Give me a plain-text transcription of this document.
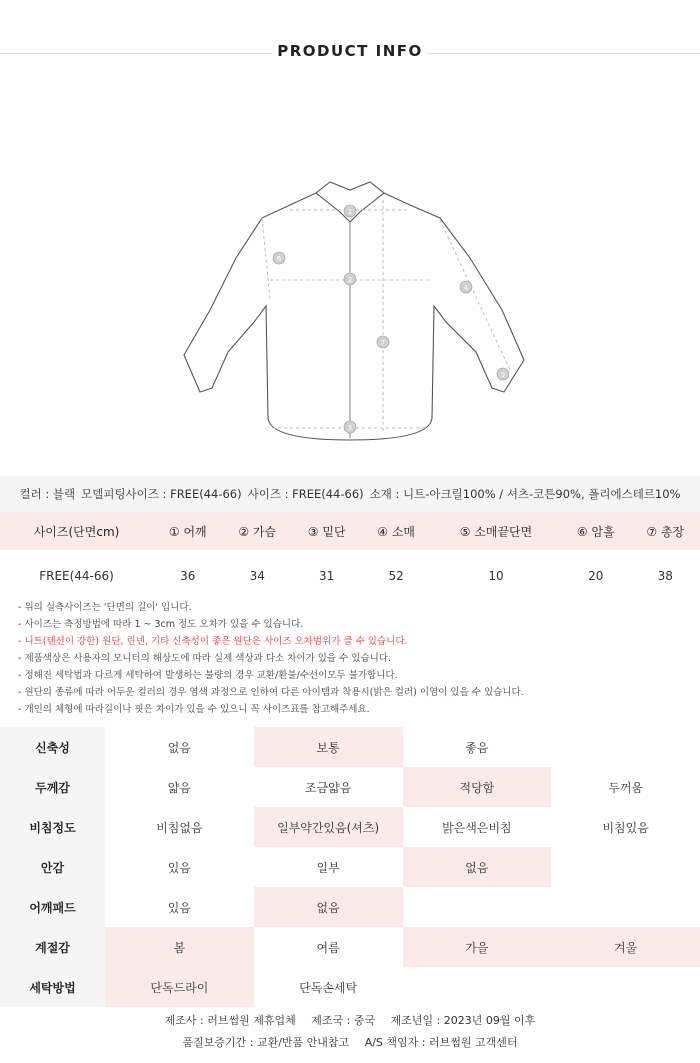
PRODUCT INFO
1
2
3
4
5
6
7
컬러 : 블랙 모델피팅사이즈 : FREE(44-66) 사이즈 : FREE(44-66) 소재 : 니트-아크릴100% / 셔츠-코튼90%, 폴리에스테르10%
사이즈(단면cm)	① 어깨	② 가슴	③ 밑단	④ 소매	⑤ 소매끝단면	⑥ 암홀	⑦ 총장
FREE(44-66)	36	34	31	52	10	20	38
- 위의 실측사이즈는 '단면의 길이' 입니다.
- 사이즈는 측정방법에 따라 1 ~ 3cm 정도 오차가 있을 수 있습니다.
- 니트(텐션이 강한) 원단, 린넨, 기타 신축성이 좋은 원단은 사이즈 오차범위가 클 수 있습니다.
- 제품색상은 사용자의 모니터의 해상도에 따라 실제 색상과 다소 차이가 있을 수 있습니다.
- 정해진 세탁법과 다르게 세탁하여 발생하는 불량의 경우 교환/환불/수선이모두 불가합니다.
- 원단의 종류에 따라 어두운 컬러의 경우 염색 과정으로 인하여 다른 아이템과 착용시(밝은 컬러) 이염이 있을 수 있습니다.
- 개인의 체형에 따라길이나 핏은 차이가 있을 수 있으니 꼭 사이즈표를 참고해주세요.
신축성	없음	보통	좋음	
두께감	얇음	조금얇음	적당함	두꺼움
비침정도	비침없음	일부약간있음(셔츠)	밝은색은비침	비침있음
안감	있음	일부	없음	
어깨패드	있음	없음		
계절감	봄	여름	가을	겨울
세탁방법	단독드라이	단독손세탁		
제조사 : 러브썸원 제휴업체 제조국 : 중국 제조년일 : 2023년 09월 이후
품질보증기간 : 교환/반품 안내참고 A/S 책임자 : 러브썸원 고객센터
